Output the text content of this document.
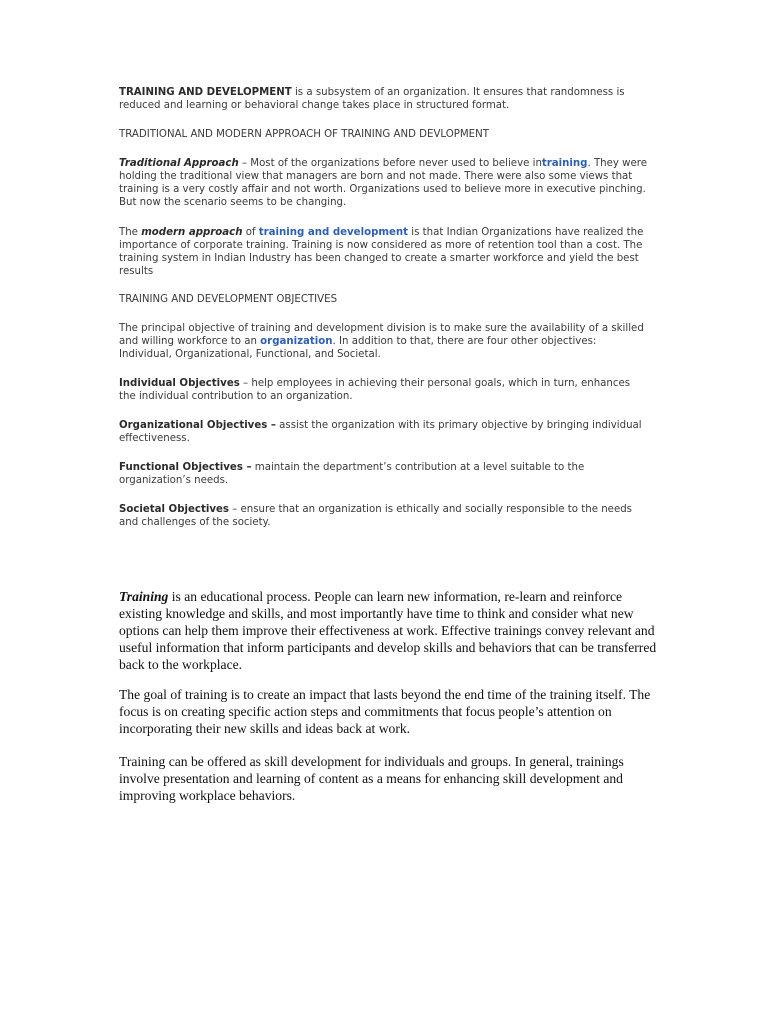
TRAINING AND DEVELOPMENT is a subsystem of an organization. It ensures that randomness is reduced and learning or behavioral change takes place in structured format.

TRADITIONAL AND MODERN APPROACH OF TRAINING AND DEVLOPMENT

Traditional Approach – Most of the organizations before never used to believe intraining. They were holding the traditional view that managers are born and not made. There were also some views that training is a very costly affair and not worth. Organizations used to believe more in executive pinching. But now the scenario seems to be changing.

The modern approach of training and development is that Indian Organizations have realized the importance of corporate training. Training is now considered as more of retention tool than a cost. The training system in Indian Industry has been changed to create a smarter workforce and yield the best results

TRAINING AND DEVELOPMENT OBJECTIVES

The principal objective of training and development division is to make sure the availability of a skilled and willing workforce to an organization. In addition to that, there are four other objectives: Individual, Organizational, Functional, and Societal.

Individual Objectives – help employees in achieving their personal goals, which in turn, enhances the individual contribution to an organization.

Organizational Objectives – assist the organization with its primary objective by bringing individual effectiveness.

Functional Objectives – maintain the department’s contribution at a level suitable to the organization’s needs.

Societal Objectives – ensure that an organization is ethically and socially responsible to the needs and challenges of the society.

Training is an educational process. People can learn new information, re-learn and reinforce existing knowledge and skills, and most importantly have time to think and consider what new options can help them improve their effectiveness at work. Effective trainings convey relevant and useful information that inform participants and develop skills and behaviors that can be transferred back to the workplace.

The goal of training is to create an impact that lasts beyond the end time of the training itself. The focus is on creating specific action steps and commitments that focus people’s attention on incorporating their new skills and ideas back at work.

Training can be offered as skill development for individuals and groups. In general, trainings involve presentation and learning of content as a means for enhancing skill development and improving workplace behaviors.
